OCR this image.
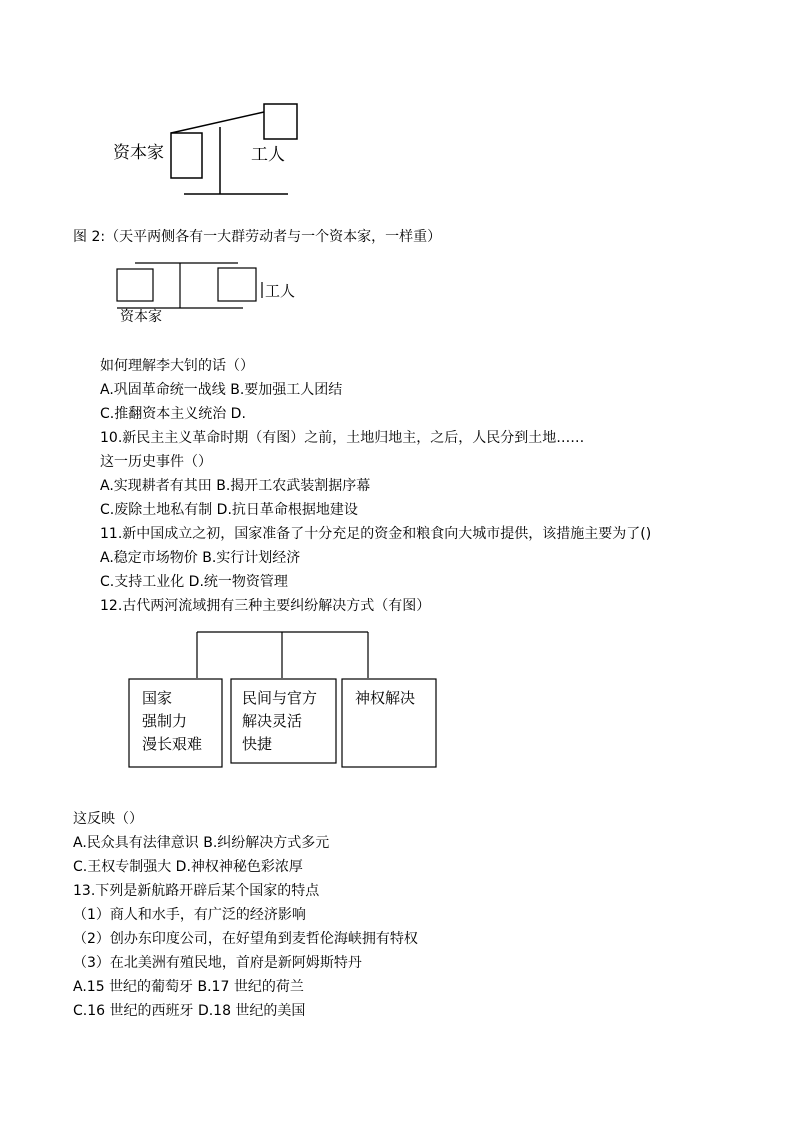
资本家	工人
工人
资本家
国家
强制力
漫长艰难
民间与官方
解决灵活
快捷
神权解决
图 2:（天平两侧各有一大群劳动者与一个资本家，一样重）
如何理解李大钊的话（）
A.巩固革命统一战线 B.要加强工人团结
C.推翻资本主义统治 D.
10.新民主主义革命时期（有图）之前，土地归地主，之后，人民分到土地……
这一历史事件（）
A.实现耕者有其田 B.揭开工农武装割据序幕
C.废除土地私有制 D.抗日革命根据地建设
11.新中国成立之初，国家准备了十分充足的资金和粮食向大城市提供，该措施主要为了()
A.稳定市场物价 B.实行计划经济
C.支持工业化 D.统一物资管理
12.古代两河流域拥有三种主要纠纷解决方式（有图）
这反映（）
A.民众具有法律意识 B.纠纷解决方式多元
C.王权专制强大 D.神权神秘色彩浓厚
13.下列是新航路开辟后某个国家的特点
（1）商人和水手，有广泛的经济影响
（2）创办东印度公司，在好望角到麦哲伦海峡拥有特权
（3）在北美洲有殖民地，首府是新阿姆斯特丹
A.15 世纪的葡萄牙 B.17 世纪的荷兰
C.16 世纪的西班牙 D.18 世纪的美国
